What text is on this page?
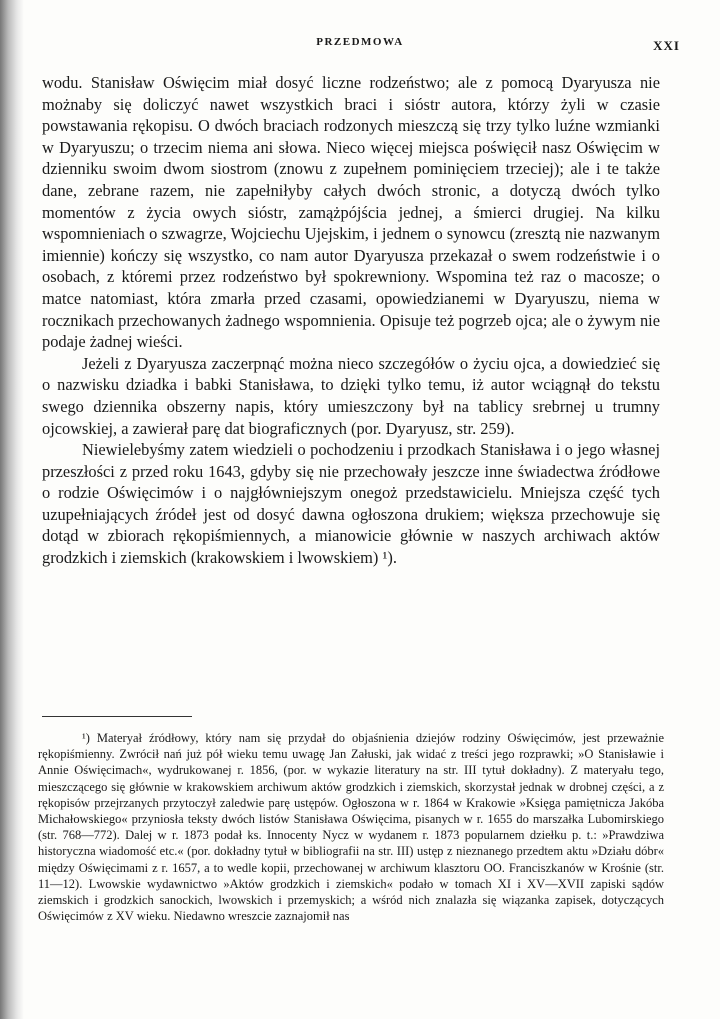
PRZEDMOWA	XXI

wodu. Stanisław Oświęcim miał dosyć liczne rodzeństwo; ale z pomocą Dyaryusza nie możnaby się doliczyć nawet wszystkich braci i sióstr autora, którzy żyli w czasie powstawania rękopisu. O dwóch braciach rodzonych mieszczą się trzy tylko luźne wzmianki w Dyaryuszu; o trzecim niema ani słowa. Nieco więcej miejsca poświęcił nasz Oświęcim w dzienniku swoim dwom siostrom (znowu z zupełnem pominięciem trzeciej); ale i te także dane, zebrane razem, nie zapełniłyby całych dwóch stronic, a dotyczą dwóch tylko momentów z życia owych sióstr, zamążpójścia jednej, a śmierci drugiej. Na kilku wspomnieniach o szwagrze, Wojciechu Ujejskim, i jednem o synowcu (zresztą nie nazwanym imiennie) kończy się wszystko, co nam autor Dyaryusza przekazał o swem rodzeństwie i o osobach, z któremi przez rodzeństwo był spokrewniony. Wspomina też raz o macosze; o matce natomiast, która zmarła przed czasami, opowiedzianemi w Dyaryuszu, niema w rocznikach przechowanych żadnego wspomnienia. Opisuje też pogrzeb ojca; ale o żywym nie podaje żadnej wieści.

Jeżeli z Dyaryusza zaczerpnąć można nieco szczegółów o życiu ojca, a dowiedzieć się o nazwisku dziadka i babki Stanisława, to dzięki tylko temu, iż autor wciągnął do tekstu swego dziennika obszerny napis, który umieszczony był na tablicy srebrnej u trumny ojcowskiej, a zawierał parę dat biograficznych (por. Dyaryusz, str. 259).

Niewielebyśmy zatem wiedzieli o pochodzeniu i przodkach Stanisława i o jego własnej przeszłości z przed roku 1643, gdyby się nie przechowały jeszcze inne świadectwa źródłowe o rodzie Oświęcimów i o najgłówniejszym onegoż przedstawicielu. Mniejsza część tych uzupełniających źródeł jest od dosyć dawna ogłoszona drukiem; większa przechowuje się dotąd w zbiorach rękopiśmiennych, a mianowicie głównie w naszych archiwach aktów grodzkich i ziemskich (krakowskiem i lwowskiem) ¹).

¹) Materyał źródłowy, który nam się przydał do objaśnienia dziejów rodziny Oświęcimów, jest przeważnie rękopiśmienny. Zwrócił nań już pół wieku temu uwagę Jan Załuski, jak widać z treści jego rozprawki; »O Stanisławie i Annie Oświęcimach«, wydrukowanej r. 1856, (por. w wykazie literatury na str. III tytuł dokładny). Z materyału tego, mieszczącego się głównie w krakowskiem archiwum aktów grodzkich i ziemskich, skorzystał jednak w drobnej części, a z rękopisów przejrzanych przytoczył zaledwie parę ustępów. Ogłoszona w r. 1864 w Krakowie »Księga pamiętnicza Jakóba Michałowskiego« przyniosła teksty dwóch listów Stanisława Oświęcima, pisanych w r. 1655 do marszałka Lubomirskiego (str. 768—772). Dalej w r. 1873 podał ks. Innocenty Nycz w wydanem r. 1873 popularnem dziełku p. t.: »Prawdziwa historyczna wiadomość etc.« (por. dokładny tytuł w bibliografii na str. III) ustęp z nieznanego przedtem aktu »Działu dóbr« między Oświęcimami z r. 1657, a to wedle kopii, przechowanej w archiwum klasztoru OO. Franciszkanów w Krośnie (str. 11—12). Lwowskie wydawnictwo »Aktów grodzkich i ziemskich« podało w tomach XI i XV—XVII zapiski sądów ziemskich i grodzkich sanockich, lwowskich i przemyskich; a wśród nich znalazła się wiązanka zapisek, dotyczących Oświęcimów z XV wieku. Niedawno wreszcie zaznajomił nas
